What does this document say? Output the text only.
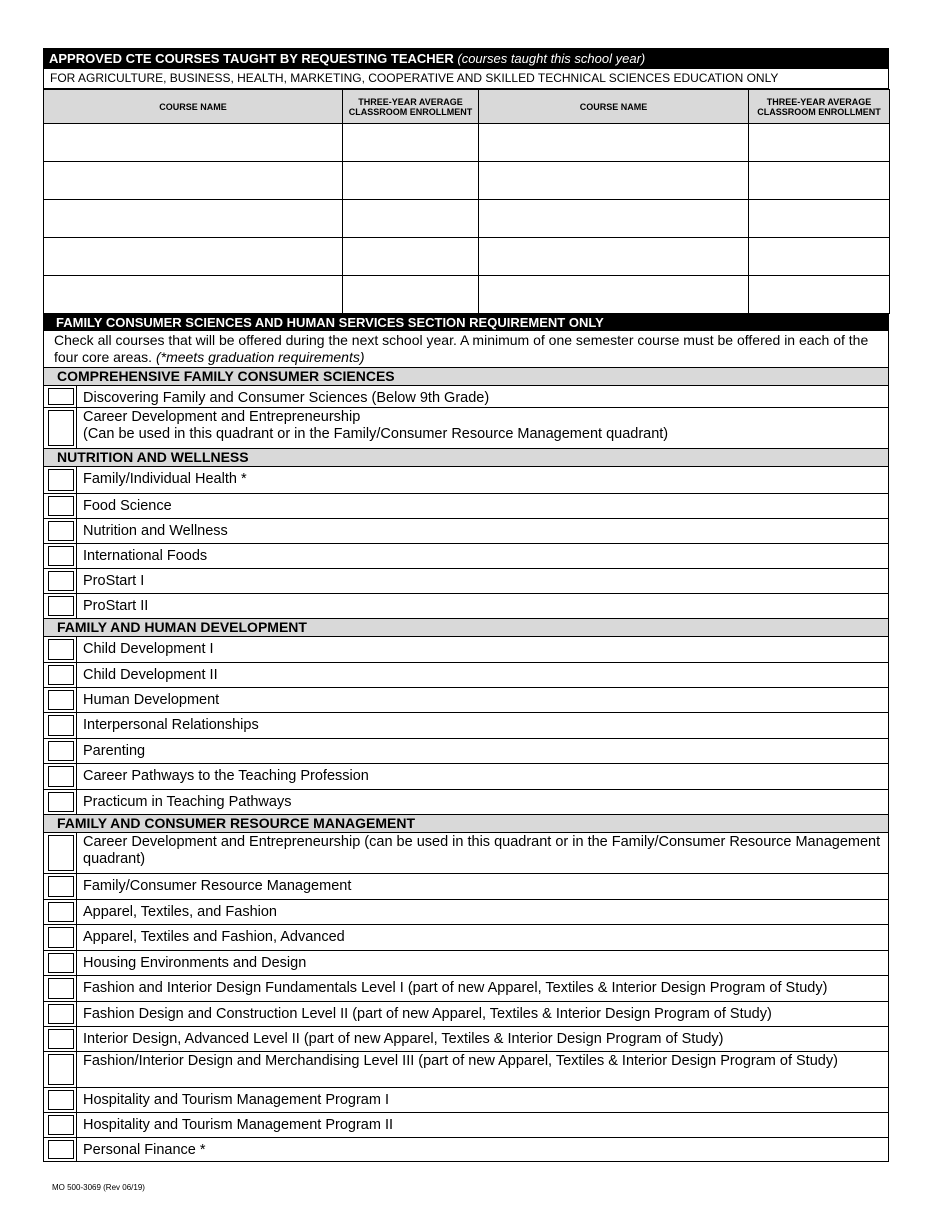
APPROVED CTE COURSES TAUGHT BY REQUESTING TEACHER (courses taught this school year)
FOR AGRICULTURE, BUSINESS, HEALTH, MARKETING, COOPERATIVE AND SKILLED TECHNICAL SCIENCES EDUCATION ONLY
COURSE NAME	THREE-YEAR AVERAGE CLASSROOM ENROLLMENT	COURSE NAME	THREE-YEAR AVERAGE CLASSROOM ENROLLMENT

FAMILY CONSUMER SCIENCES AND HUMAN SERVICES SECTION REQUIREMENT ONLY
Check all courses that will be offered during the next school year. A minimum of one semester course must be offered in each of the four core areas. (*meets graduation requirements)
COMPREHENSIVE FAMILY CONSUMER SCIENCES
Discovering Family and Consumer Sciences (Below 9th Grade)
Career Development and Entrepreneurship
(Can be used in this quadrant or in the Family/Consumer Resource Management quadrant)
NUTRITION AND WELLNESS
Family/Individual Health *
Food Science
Nutrition and Wellness
International Foods
ProStart I
ProStart II
FAMILY AND HUMAN DEVELOPMENT
Child Development I
Child Development II
Human Development
Interpersonal Relationships
Parenting
Career Pathways to the Teaching Profession
Practicum in Teaching Pathways
FAMILY AND CONSUMER RESOURCE MANAGEMENT
Career Development and Entrepreneurship (can be used in this quadrant or in the Family/Consumer Resource Management quadrant)
Family/Consumer Resource Management
Apparel, Textiles, and Fashion
Apparel, Textiles and Fashion, Advanced
Housing Environments and Design
Fashion and Interior Design Fundamentals Level I (part of new Apparel, Textiles & Interior Design Program of Study)
Fashion Design and Construction Level II (part of new Apparel, Textiles & Interior Design Program of Study)
Interior Design, Advanced Level II (part of new Apparel, Textiles & Interior Design Program of Study)
Fashion/Interior Design and Merchandising Level III (part of new Apparel, Textiles & Interior Design Program of Study)
Hospitality and Tourism Management Program I
Hospitality and Tourism Management Program II
Personal Finance *
MO 500-3069 (Rev 06/19)
